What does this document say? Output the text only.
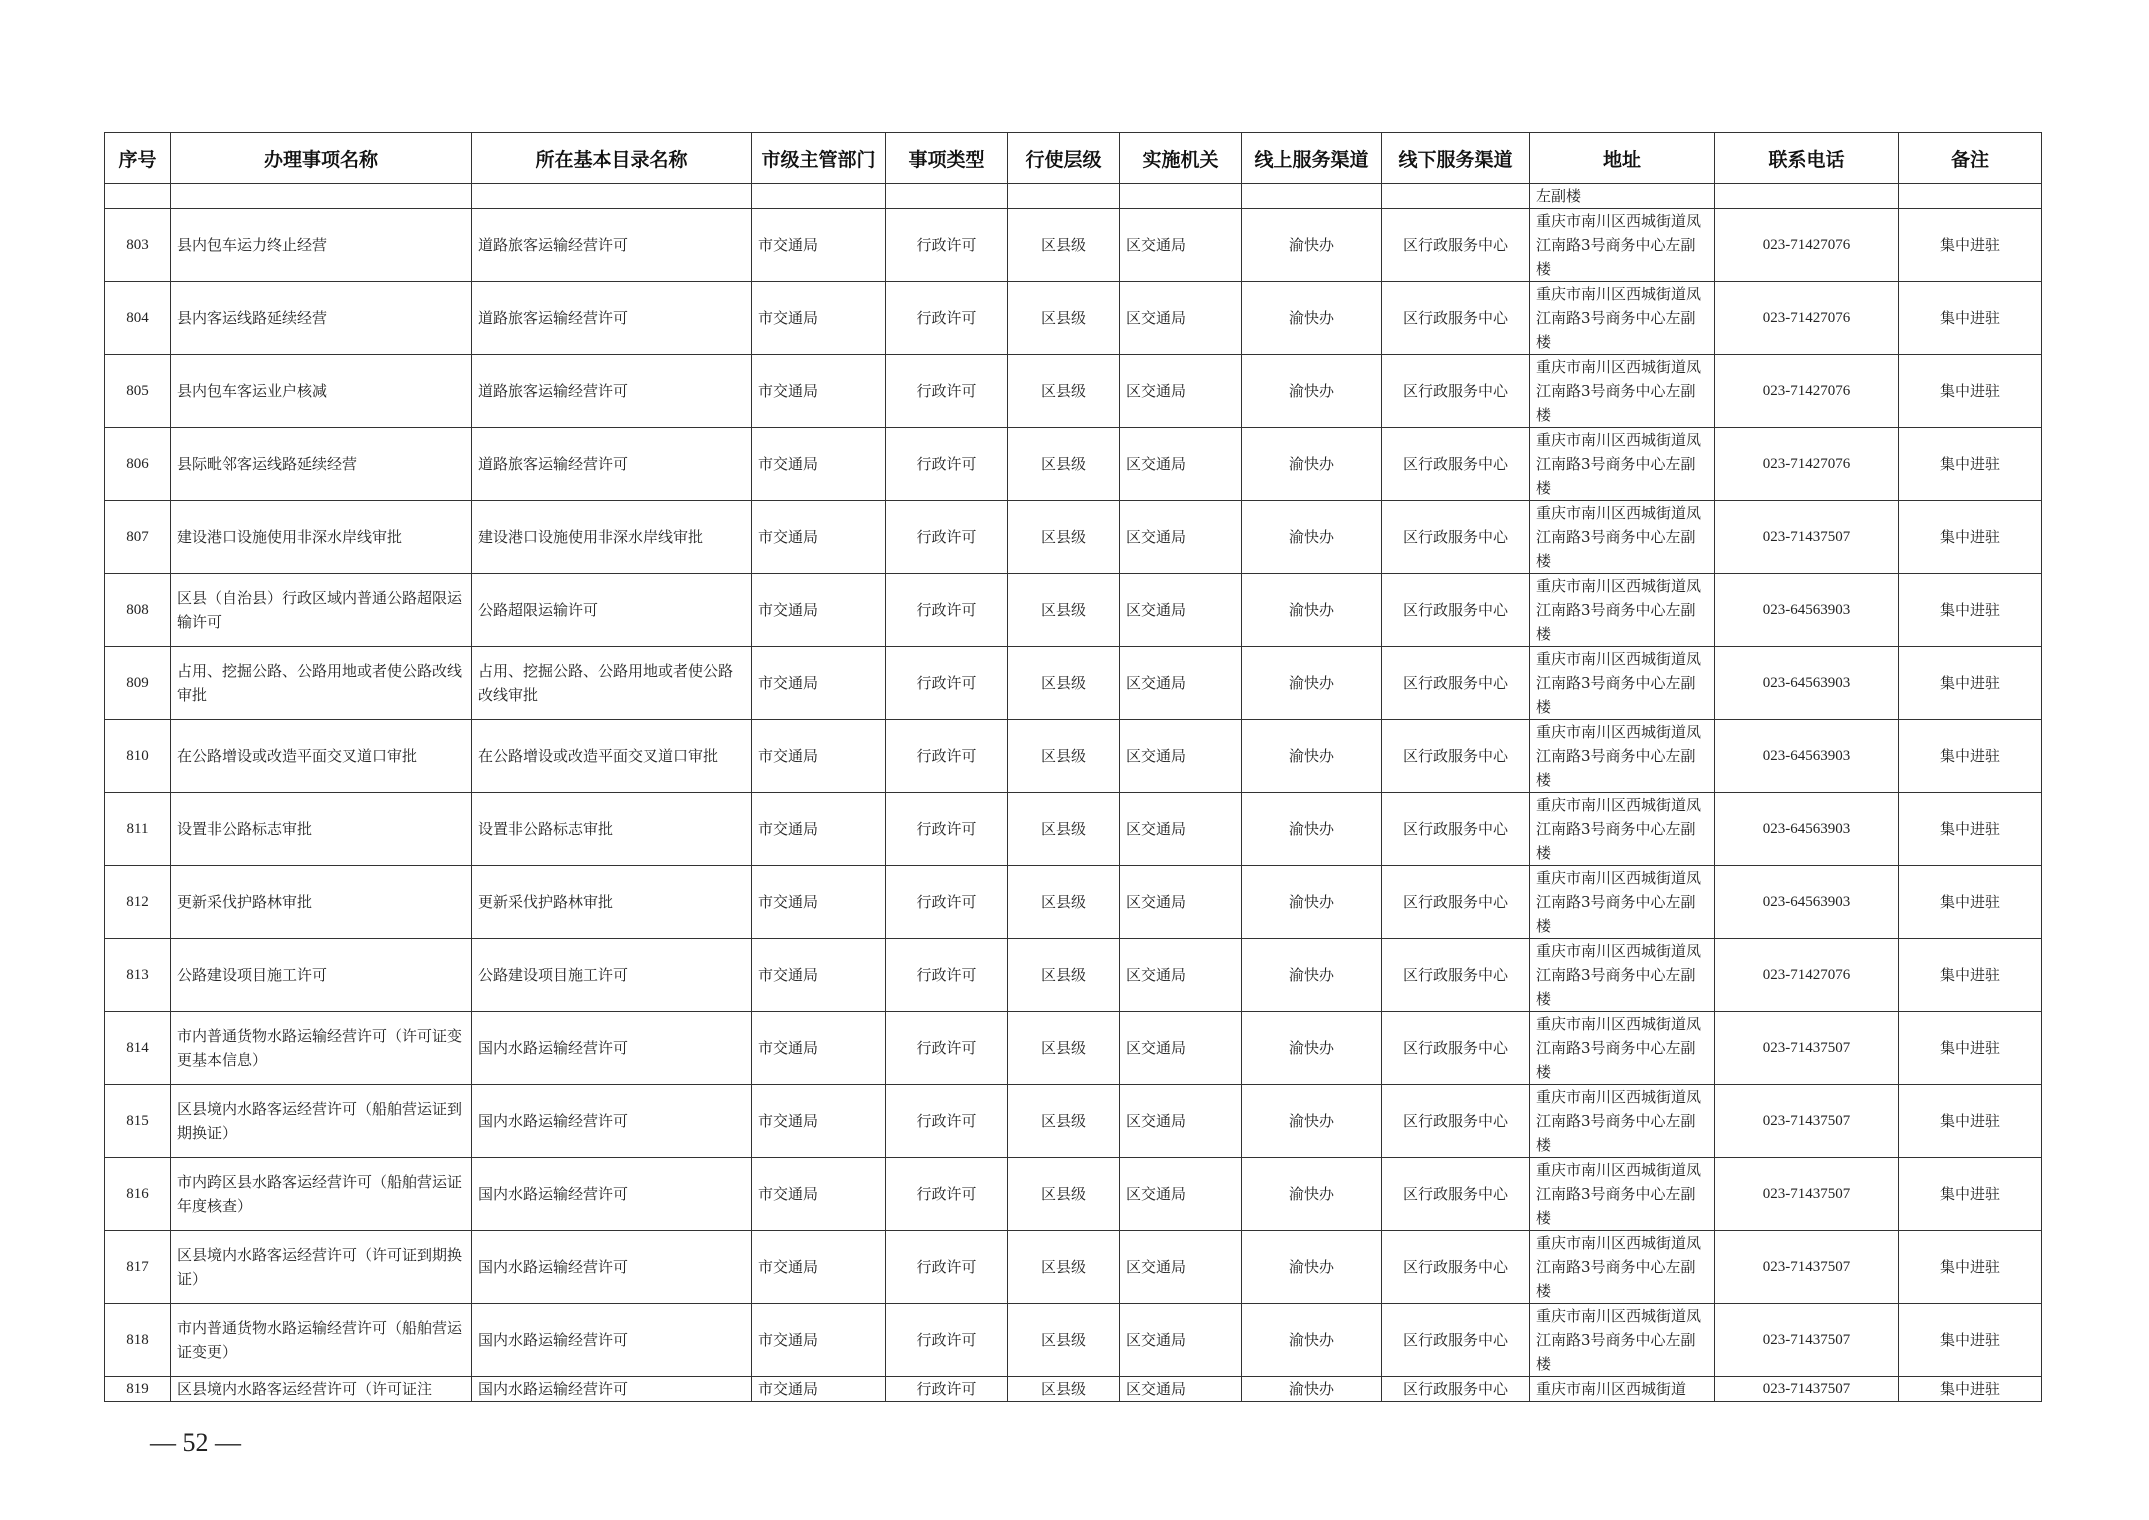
序号	办理事项名称	所在基本目录名称	市级主管部门	事项类型	行使层级	实施机关	线上服务渠道	线下服务渠道	地址	联系电话	备注
									左副楼		
803	县内包车运力终止经营	道路旅客运输经营许可	市交通局	行政许可	区县级	区交通局	渝快办	区行政服务中心	重庆市南川区西城街道凤江南路3号商务中心左副楼	023-71427076	集中进驻
804	县内客运线路延续经营	道路旅客运输经营许可	市交通局	行政许可	区县级	区交通局	渝快办	区行政服务中心	重庆市南川区西城街道凤江南路3号商务中心左副楼	023-71427076	集中进驻
805	县内包车客运业户核减	道路旅客运输经营许可	市交通局	行政许可	区县级	区交通局	渝快办	区行政服务中心	重庆市南川区西城街道凤江南路3号商务中心左副楼	023-71427076	集中进驻
806	县际毗邻客运线路延续经营	道路旅客运输经营许可	市交通局	行政许可	区县级	区交通局	渝快办	区行政服务中心	重庆市南川区西城街道凤江南路3号商务中心左副楼	023-71427076	集中进驻
807	建设港口设施使用非深水岸线审批	建设港口设施使用非深水岸线审批	市交通局	行政许可	区县级	区交通局	渝快办	区行政服务中心	重庆市南川区西城街道凤江南路3号商务中心左副楼	023-71437507	集中进驻
808	区县（自治县）行政区域内普通公路超限运输许可	公路超限运输许可	市交通局	行政许可	区县级	区交通局	渝快办	区行政服务中心	重庆市南川区西城街道凤江南路3号商务中心左副楼	023-64563903	集中进驻
809	占用、挖掘公路、公路用地或者使公路改线审批	占用、挖掘公路、公路用地或者使公路改线审批	市交通局	行政许可	区县级	区交通局	渝快办	区行政服务中心	重庆市南川区西城街道凤江南路3号商务中心左副楼	023-64563903	集中进驻
810	在公路增设或改造平面交叉道口审批	在公路增设或改造平面交叉道口审批	市交通局	行政许可	区县级	区交通局	渝快办	区行政服务中心	重庆市南川区西城街道凤江南路3号商务中心左副楼	023-64563903	集中进驻
811	设置非公路标志审批	设置非公路标志审批	市交通局	行政许可	区县级	区交通局	渝快办	区行政服务中心	重庆市南川区西城街道凤江南路3号商务中心左副楼	023-64563903	集中进驻
812	更新采伐护路林审批	更新采伐护路林审批	市交通局	行政许可	区县级	区交通局	渝快办	区行政服务中心	重庆市南川区西城街道凤江南路3号商务中心左副楼	023-64563903	集中进驻
813	公路建设项目施工许可	公路建设项目施工许可	市交通局	行政许可	区县级	区交通局	渝快办	区行政服务中心	重庆市南川区西城街道凤江南路3号商务中心左副楼	023-71427076	集中进驻
814	市内普通货物水路运输经营许可（许可证变更基本信息）	国内水路运输经营许可	市交通局	行政许可	区县级	区交通局	渝快办	区行政服务中心	重庆市南川区西城街道凤江南路3号商务中心左副楼	023-71437507	集中进驻
815	区县境内水路客运经营许可（船舶营运证到期换证）	国内水路运输经营许可	市交通局	行政许可	区县级	区交通局	渝快办	区行政服务中心	重庆市南川区西城街道凤江南路3号商务中心左副楼	023-71437507	集中进驻
816	市内跨区县水路客运经营许可（船舶营运证年度核查）	国内水路运输经营许可	市交通局	行政许可	区县级	区交通局	渝快办	区行政服务中心	重庆市南川区西城街道凤江南路3号商务中心左副楼	023-71437507	集中进驻
817	区县境内水路客运经营许可（许可证到期换证）	国内水路运输经营许可	市交通局	行政许可	区县级	区交通局	渝快办	区行政服务中心	重庆市南川区西城街道凤江南路3号商务中心左副楼	023-71437507	集中进驻
818	市内普通货物水路运输经营许可（船舶营运证变更）	国内水路运输经营许可	市交通局	行政许可	区县级	区交通局	渝快办	区行政服务中心	重庆市南川区西城街道凤江南路3号商务中心左副楼	023-71437507	集中进驻
819	区县境内水路客运经营许可（许可证注	国内水路运输经营许可	市交通局	行政许可	区县级	区交通局	渝快办	区行政服务中心	重庆市南川区西城街道	023-71437507	集中进驻
— 52 —
